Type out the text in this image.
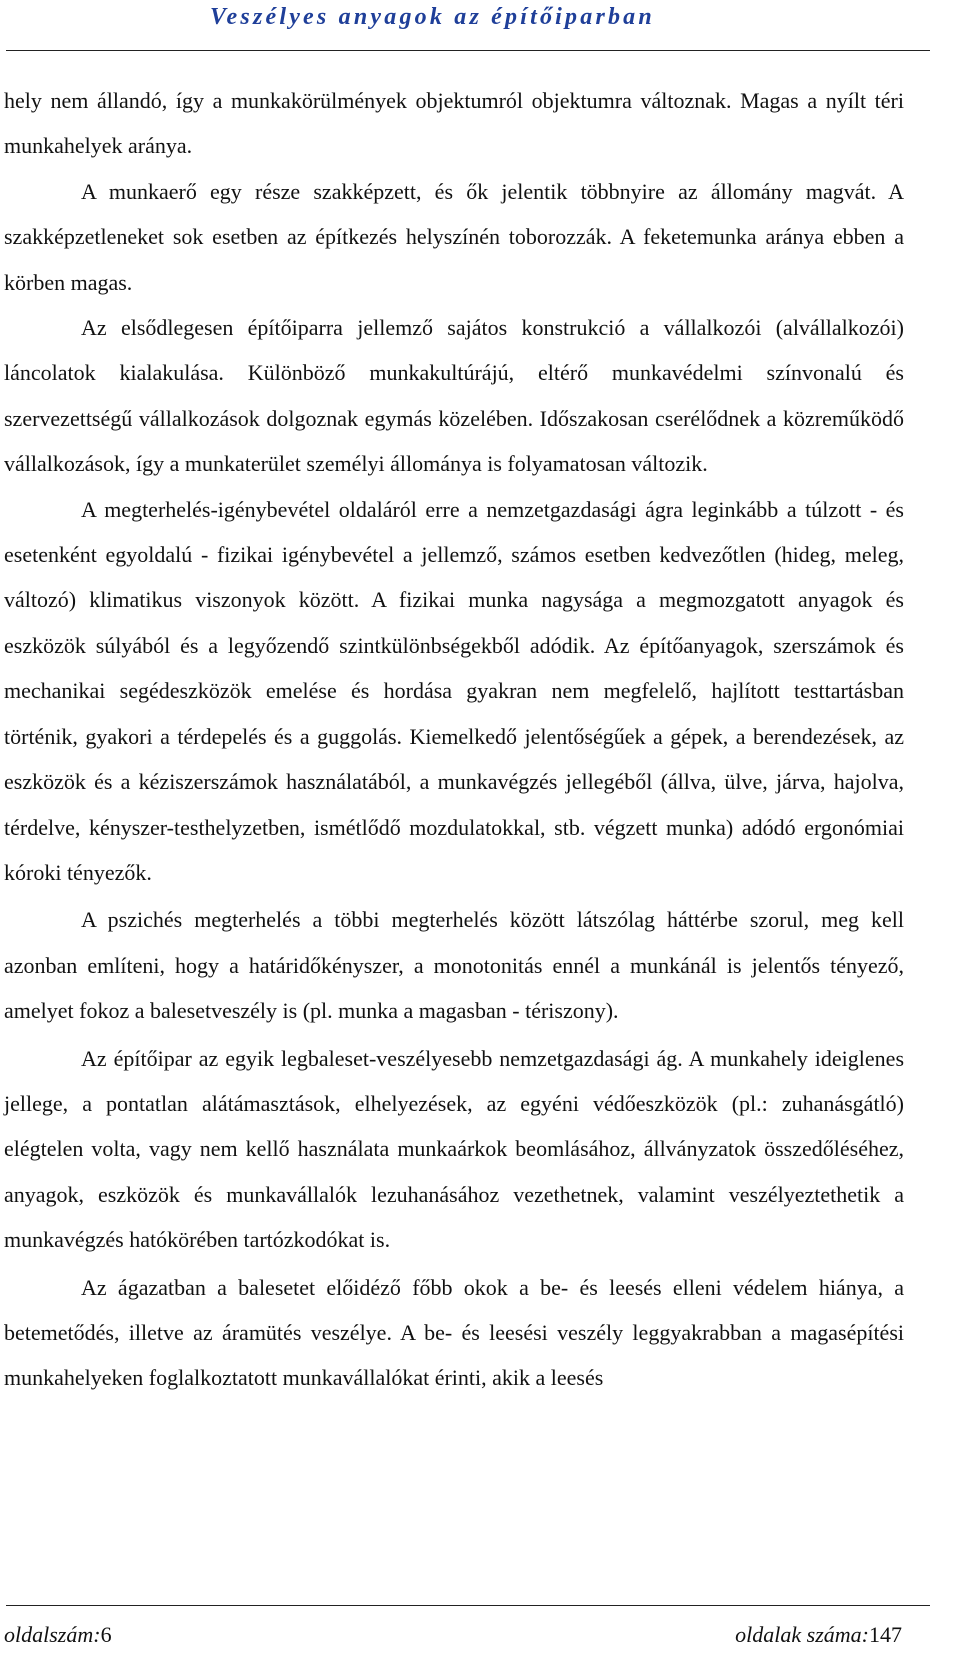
Veszélyes anyagok az építőiparban

hely nem állandó, így a munkakörülmények objektumról objektumra változnak. Magas a nyílt téri munkahelyek aránya.

A munkaerő egy része szakképzett, és ők jelentik többnyire az állomány magvát. A szakképzetleneket sok esetben az építkezés helyszínén toborozzák. A feketemunka aránya ebben a körben magas.

Az elsődlegesen építőiparra jellemző sajátos konstrukció a vállalkozói (alvállalkozói) láncolatok kialakulása. Különböző munkakultúrájú, eltérő munkavédelmi színvonalú és szervezettségű vállalkozások dolgoznak egymás közelében. Időszakosan cserélődnek a közreműködő vállalkozások, így a munkaterület személyi állománya is folyamatosan változik.

A megterhelés-igénybevétel oldaláról erre a nemzetgazdasági ágra leginkább a túlzott - és esetenként egyoldalú - fizikai igénybevétel a jellemző, számos esetben kedvezőtlen (hideg, meleg, változó) klimatikus viszonyok között. A fizikai munka nagysága a megmozgatott anyagok és eszközök súlyából és a legyőzendő szintkülönbségekből adódik. Az építőanyagok, szerszámok és mechanikai segédeszközök emelése és hordása gyakran nem megfelelő, hajlított testtartásban történik, gyakori a térdepelés és a guggolás. Kiemelkedő jelentőségűek a gépek, a berendezések, az eszközök és a kéziszerszámok használatából, a munkavégzés jellegéből (állva, ülve, járva, hajolva, térdelve, kényszer-testhelyzetben, ismétlődő mozdulatokkal, stb. végzett munka) adódó ergonómiai kóroki tényezők.

A pszichés megterhelés a többi megterhelés között látszólag háttérbe szorul, meg kell azonban említeni, hogy a határidőkényszer, a monotonitás ennél a munkánál is jelentős tényező, amelyet fokoz a balesetveszély is (pl. munka a magasban - tériszony).

Az építőipar az egyik legbaleset-veszélyesebb nemzetgazdasági ág. A munkahely ideiglenes jellege, a pontatlan alátámasztások, elhelyezések, az egyéni védőeszközök (pl.: zuhanásgátló) elégtelen volta, vagy nem kellő használata munkaárkok beomlásához, állványzatok összedőléséhez, anyagok, eszközök és munkavállalók lezuhanásához vezethetnek, valamint veszélyeztethetik a munkavégzés hatókörében tartózkodókat is.

Az ágazatban a balesetet előidéző főbb okok a be- és leesés elleni védelem hiánya, a betemetődés, illetve az áramütés veszélye. A be- és leesési veszély leggyakrabban a magasépítési munkahelyeken foglalkoztatott munkavállalókat érinti, akik a leesés

oldalszám:6	oldalak száma:147
